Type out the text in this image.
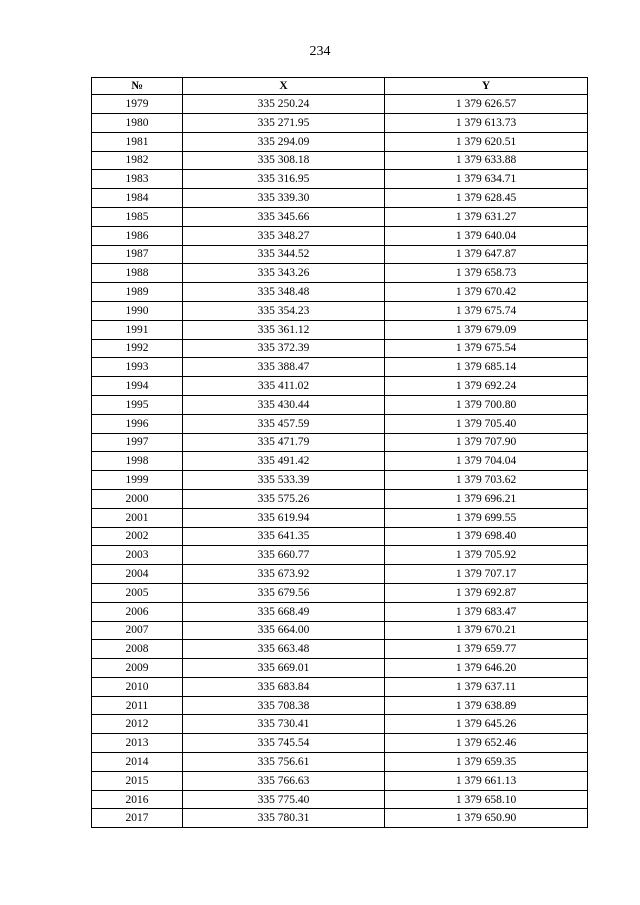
234
№	X	Y
1979	335 250.24	1 379 626.57
1980	335 271.95	1 379 613.73
1981	335 294.09	1 379 620.51
1982	335 308.18	1 379 633.88
1983	335 316.95	1 379 634.71
1984	335 339.30	1 379 628.45
1985	335 345.66	1 379 631.27
1986	335 348.27	1 379 640.04
1987	335 344.52	1 379 647.87
1988	335 343.26	1 379 658.73
1989	335 348.48	1 379 670.42
1990	335 354.23	1 379 675.74
1991	335 361.12	1 379 679.09
1992	335 372.39	1 379 675.54
1993	335 388.47	1 379 685.14
1994	335 411.02	1 379 692.24
1995	335 430.44	1 379 700.80
1996	335 457.59	1 379 705.40
1997	335 471.79	1 379 707.90
1998	335 491.42	1 379 704.04
1999	335 533.39	1 379 703.62
2000	335 575.26	1 379 696.21
2001	335 619.94	1 379 699.55
2002	335 641.35	1 379 698.40
2003	335 660.77	1 379 705.92
2004	335 673.92	1 379 707.17
2005	335 679.56	1 379 692.87
2006	335 668.49	1 379 683.47
2007	335 664.00	1 379 670.21
2008	335 663.48	1 379 659.77
2009	335 669.01	1 379 646.20
2010	335 683.84	1 379 637.11
2011	335 708.38	1 379 638.89
2012	335 730.41	1 379 645.26
2013	335 745.54	1 379 652.46
2014	335 756.61	1 379 659.35
2015	335 766.63	1 379 661.13
2016	335 775.40	1 379 658.10
2017	335 780.31	1 379 650.90
